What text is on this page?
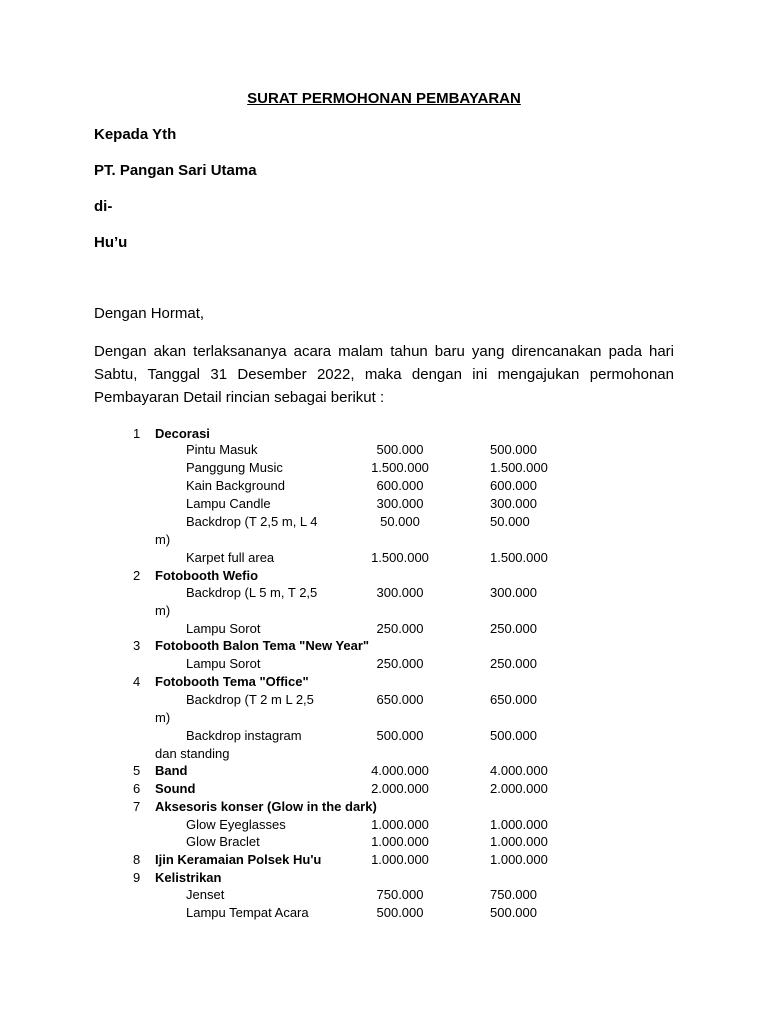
SURAT PERMOHONAN PEMBAYARAN
Kepada Yth
PT. Pangan Sari Utama
di-
Hu’u
Dengan Hormat,
Dengan akan terlaksananya acara malam tahun baru yang direncanakan pada hari Sabtu, Tanggal 31 Desember 2022, maka dengan ini mengajukan permohonan Pembayaran Detail rincian sebagai berikut :
1 Decorasi
Pintu Masuk	500.000	500.000
Panggung Music	1.500.000	1.500.000
Kain Background	600.000	600.000
Lampu Candle	300.000	300.000
Backdrop (T 2,5 m, L 4	50.000	50.000
m)
Karpet full area	1.500.000	1.500.000
2 Fotobooth Wefio
Backdrop (L 5 m, T 2,5	300.000	300.000
m)
Lampu Sorot	250.000	250.000
3 Fotobooth Balon Tema "New Year"
Lampu Sorot	250.000	250.000
4 Fotobooth Tema "Office"
Backdrop (T 2 m L 2,5	650.000	650.000
m)
Backdrop instagram	500.000	500.000
dan standing
5 Band	4.000.000	4.000.000
6 Sound	2.000.000	2.000.000
7 Aksesoris konser (Glow in the dark)
Glow Eyeglasses	1.000.000	1.000.000
Glow Braclet	1.000.000	1.000.000
8 Ijin Keramaian Polsek Hu'u	1.000.000	1.000.000
9 Kelistrikan
Jenset	750.000	750.000
Lampu Tempat Acara	500.000	500.000
